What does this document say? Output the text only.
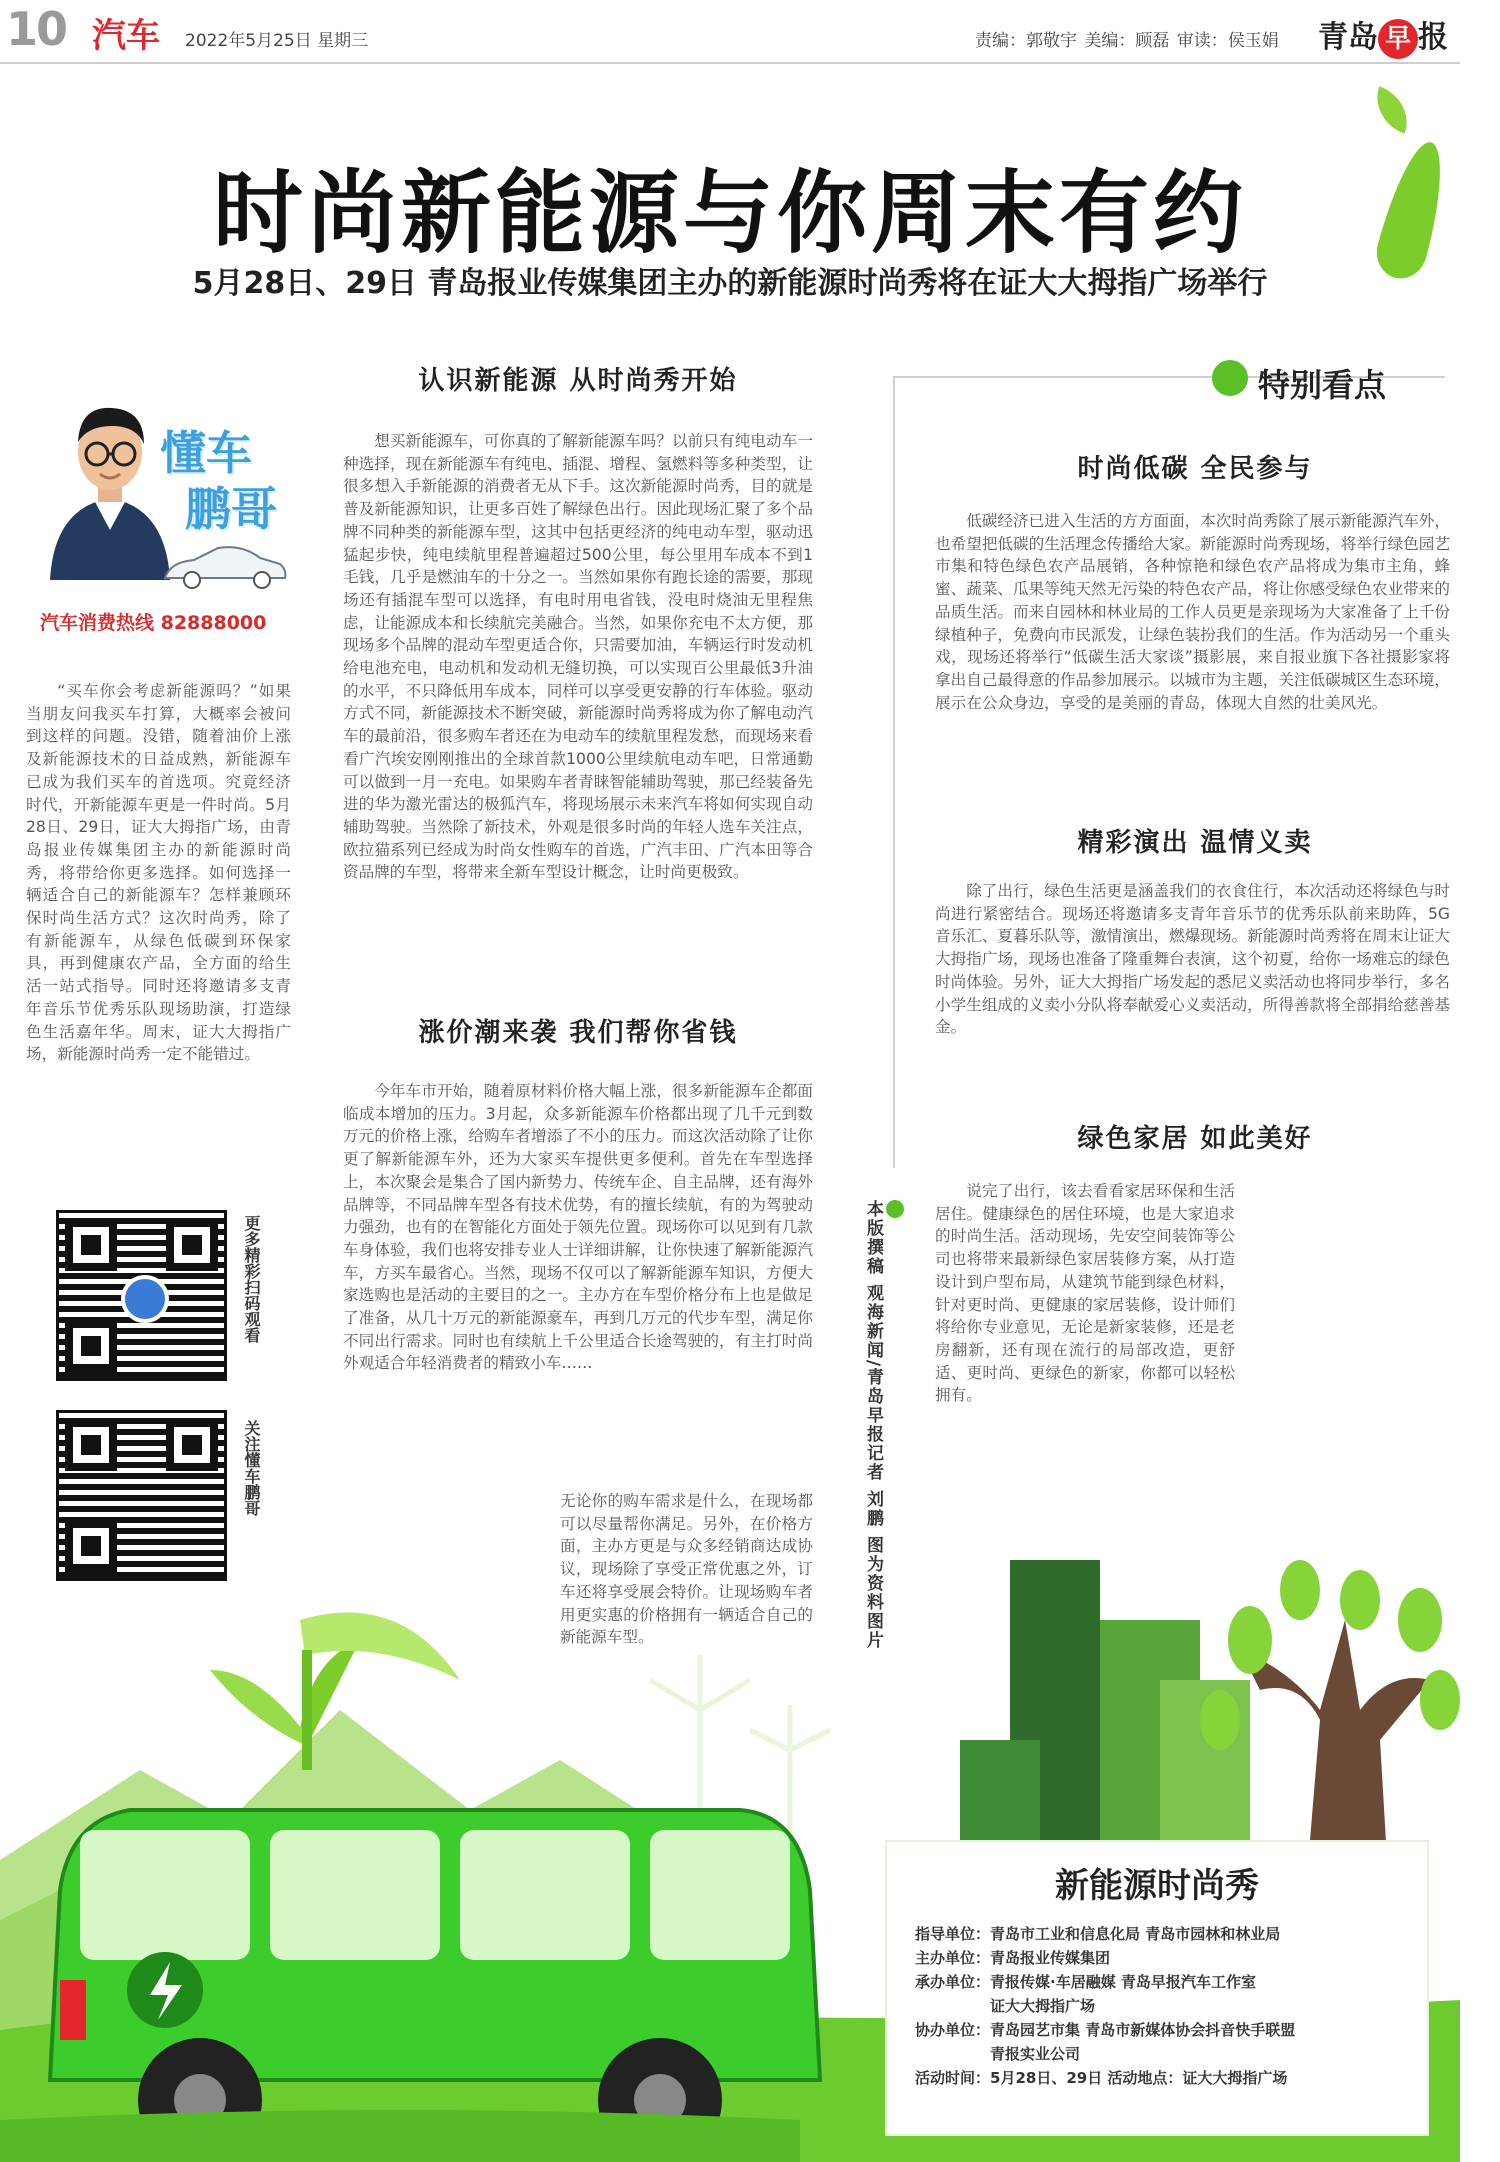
10 汽车 2022年5月25日 星期三	责编：郭敬宇 美编：顾磊 审读：侯玉娟 青岛 早 报
时尚新能源与你周末有约
5月28日、29日 青岛报业传媒集团主办的新能源时尚秀将在证大大拇指广场举行
懂车
鹏哥
汽车消费热线 82888000

“买车你会考虑新能源吗？”如果当朋友问我买车打算，大概率会被问到这样的问题。没错，随着油价上涨及新能源技术的日益成熟，新能源车已成为我们买车的首选项。究竟经济时代，开新能源车更是一件时尚。5月28日、29日，证大大拇指广场，由青岛报业传媒集团主办的新能源时尚秀，将带给你更多选择。如何选择一辆适合自己的新能源车？怎样兼顾环保时尚生活方式？这次时尚秀，除了有新能源车，从绿色低碳到环保家具，再到健康农产品，全方面的给生活一站式指导。同时还将邀请多支青年音乐节优秀乐队现场助演，打造绿色生活嘉年华。周末，证大大拇指广场，新能源时尚秀一定不能错过。

认识新能源 从时尚秀开始

想买新能源车，可你真的了解新能源车吗？以前只有纯电动车一种选择，现在新能源车有纯电、插混、增程、氢燃料等多种类型，让很多想入手新能源的消费者无从下手。这次新能源时尚秀，目的就是普及新能源知识，让更多百姓了解绿色出行。因此现场汇聚了多个品牌不同种类的新能源车型，这其中包括更经济的纯电动车型，驱动迅猛起步快，纯电续航里程普遍超过500公里，每公里用车成本不到1毛钱，几乎是燃油车的十分之一。当然如果你有跑长途的需要，那现场还有插混车型可以选择，有电时用电省钱，没电时烧油无里程焦虑，让能源成本和长续航完美融合。当然，如果你充电不太方便，那现场多个品牌的混动车型更适合你，只需要加油，车辆运行时发动机给电池充电，电动机和发动机无缝切换，可以实现百公里最低3升油的水平，不只降低用车成本，同样可以享受更安静的行车体验。驱动方式不同，新能源技术不断突破，新能源时尚秀将成为你了解电动汽车的最前沿，很多购车者还在为电动车的续航里程发愁，而现场来看看广汽埃安刚刚推出的全球首款1000公里续航电动车吧，日常通勤可以做到一月一充电。如果购车者青睐智能辅助驾驶，那已经装备先进的华为激光雷达的极狐汽车，将现场展示未来汽车将如何实现自动辅助驾驶。当然除了新技术，外观是很多时尚的年轻人选车关注点，欧拉猫系列已经成为时尚女性购车的首选，广汽丰田、广汽本田等合资品牌的车型，将带来全新车型设计概念，让时尚更极致。

涨价潮来袭 我们帮你省钱

今年车市开始，随着原材料价格大幅上涨，很多新能源车企都面临成本增加的压力。3月起，众多新能源车价格都出现了几千元到数万元的价格上涨，给购车者增添了不小的压力。而这次活动除了让你更了解新能源车外，还为大家买车提供更多便利。首先在车型选择上，本次聚会是集合了国内新势力、传统车企、自主品牌，还有海外品牌等，不同品牌车型各有技术优势，有的擅长续航，有的为驾驶动力强劲，也有的在智能化方面处于领先位置。现场你可以见到有几款车身体验，我们也将安排专业人士详细讲解，让你快速了解新能源汽车，方买车最省心。当然，现场不仅可以了解新能源车知识，方便大家选购也是活动的主要目的之一。主办方在车型价格分布上也是做足了准备，从几十万元的新能源豪车，再到几万元的代步车型，满足你不同出行需求。同时也有续航上千公里适合长途驾驶的，有主打时尚外观适合年轻消费者的精致小车……

无论你的购车需求是什么，在现场都可以尽量帮你满足。另外，在价格方面，主办方更是与众多经销商达成协议，现场除了享受正常优惠之外，订车还将享受展会特价。让现场购车者用更实惠的价格拥有一辆适合自己的新能源车型。

特别看点
时尚低碳 全民参与

低碳经济已进入生活的方方面面，本次时尚秀除了展示新能源汽车外，也希望把低碳的生活理念传播给大家。新能源时尚秀现场，将举行绿色园艺市集和特色绿色农产品展销，各种惊艳和绿色农产品将成为集市主角，蜂蜜、蔬菜、瓜果等纯天然无污染的特色农产品，将让你感受绿色农业带来的品质生活。而来自园林和林业局的工作人员更是亲现场为大家准备了上千份绿植种子，免费向市民派发，让绿色装扮我们的生活。作为活动另一个重头戏，现场还将举行“低碳生活大家谈”摄影展，来自报业旗下各社摄影家将拿出自己最得意的作品参加展示。以城市为主题，关注低碳城区生态环境，展示在公众身边，享受的是美丽的青岛，体现大自然的壮美风光。

精彩演出 温情义卖

除了出行，绿色生活更是涵盖我们的衣食住行，本次活动还将绿色与时尚进行紧密结合。现场还将邀请多支青年音乐节的优秀乐队前来助阵，5G音乐汇、夏暮乐队等，激情演出，燃爆现场。新能源时尚秀将在周末让证大大拇指广场，现场也准备了隆重舞台表演，这个初夏，给你一场难忘的绿色时尚体验。另外，证大大拇指广场发起的悉尼义卖活动也将同步举行，多名小学生组成的义卖小分队将奉献爱心义卖活动，所得善款将全部捐给慈善基金。

绿色家居 如此美好

说完了出行，该去看看家居环保和生活居住。健康绿色的居住环境，也是大家追求的时尚生活。活动现场，先安空间装饰等公司也将带来最新绿色家居装修方案，从打造设计到户型布局，从建筑节能到绿色材料，针对更时尚、更健康的家居装修，设计师们将给你专业意见，无论是新家装修，还是老房翻新，还有现在流行的局部改造，更舒适、更时尚、更绿色的新家，你都可以轻松拥有。

本版撰稿 观海新闻/青岛早报记者 刘鹏 图为资料图片
更多精彩扫码观看
关注懂车鹏哥
新能源时尚秀
指导单位： 青岛市工业和信息化局 青岛市园林和林业局
主办单位： 青岛报业传媒集团
承办单位： 青报传媒·车居融媒 青岛早报汽车工作室
证大大拇指广场
协办单位： 青岛园艺市集 青岛市新媒体协会抖音快手联盟
青报实业公司
活动时间： 5月28日、29日 活动地点：证大大拇指广场
